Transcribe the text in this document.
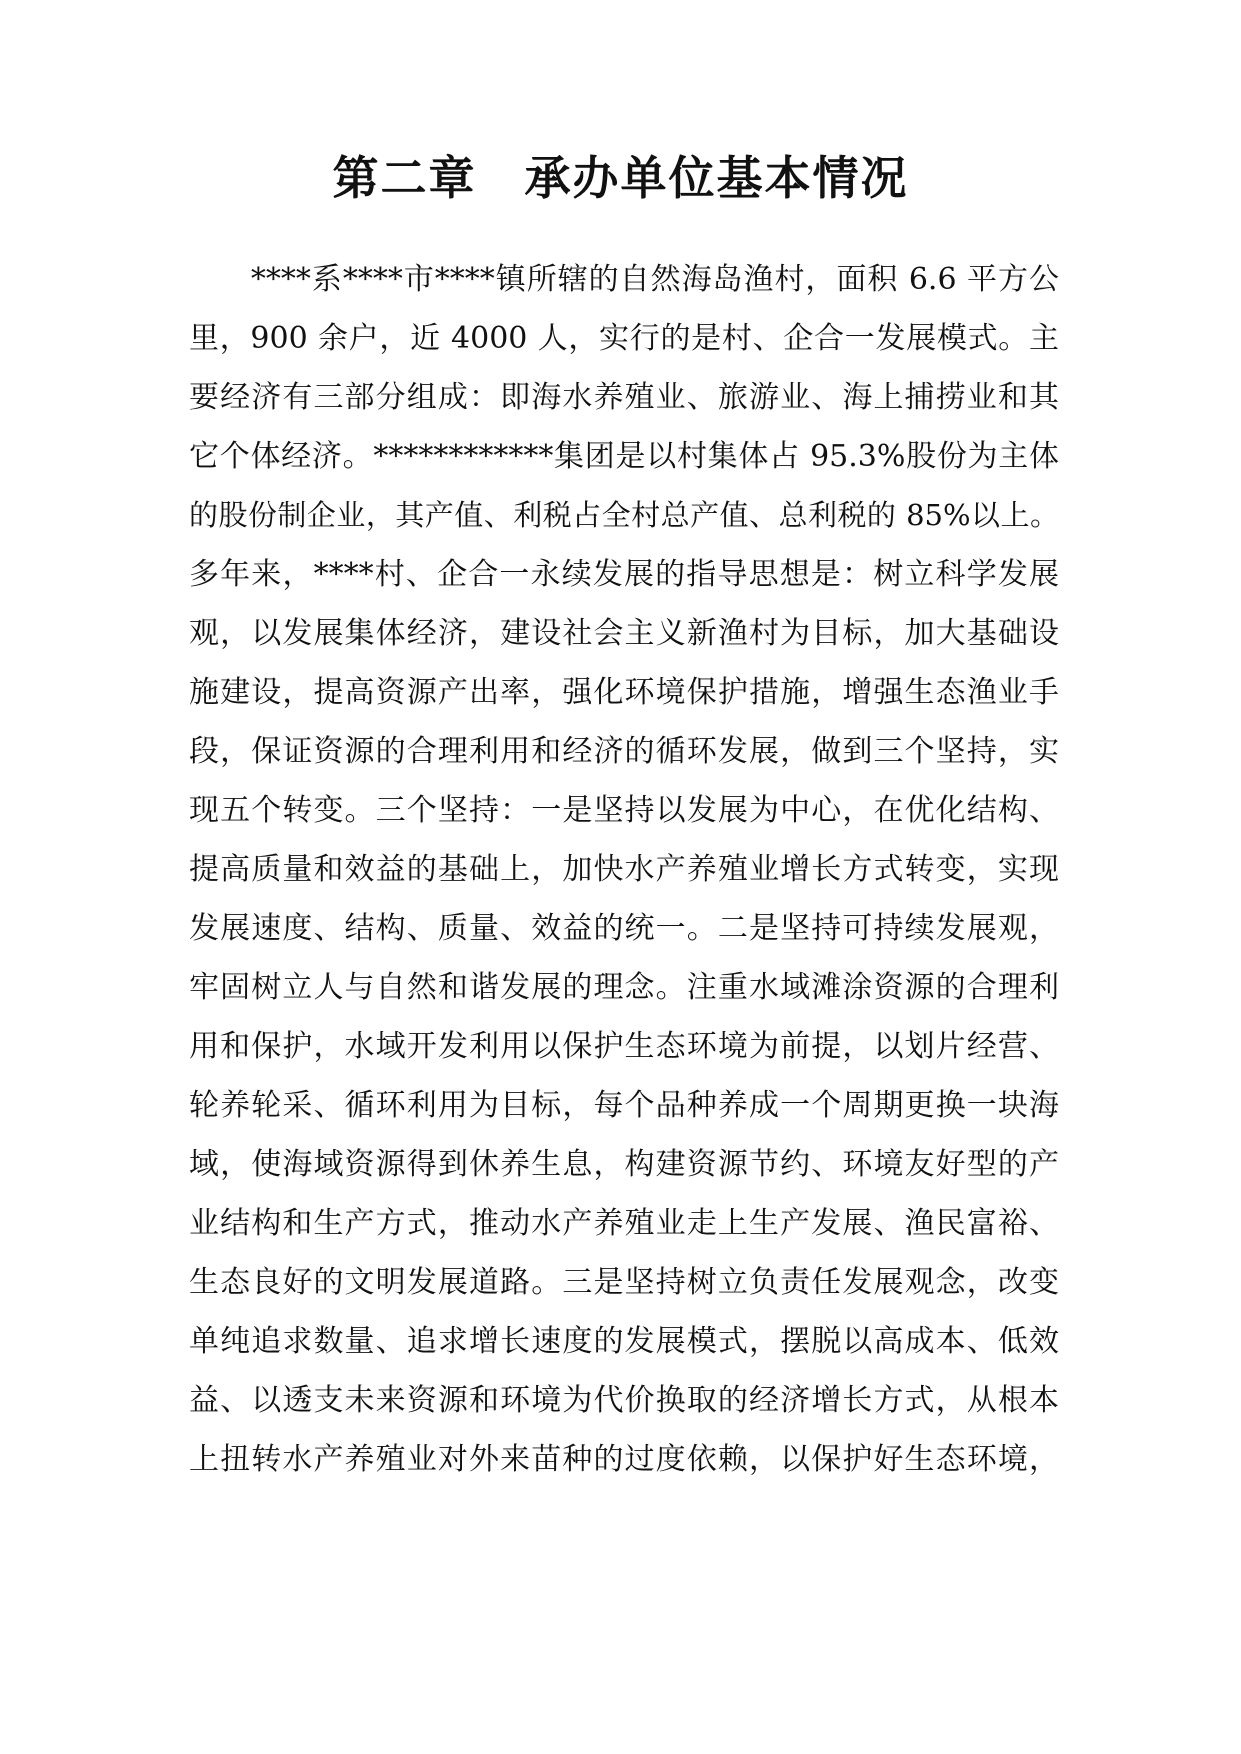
第二章　承办单位基本情况
　　****系****市****镇所辖的自然海岛渔村，面积 6.6 平方公
里，900 余户，近 4000 人，实行的是村、企合一发展模式。主
要经济有三部分组成：即海水养殖业、旅游业、海上捕捞业和其
它个体经济。************集团是以村集体占 95.3%股份为主体
的股份制企业，其产值、利税占全村总产值、总利税的 85%以上。
多年来，****村、企合一永续发展的指导思想是：树立科学发展
观，以发展集体经济，建设社会主义新渔村为目标，加大基础设
施建设，提高资源产出率，强化环境保护措施，增强生态渔业手
段，保证资源的合理利用和经济的循环发展，做到三个坚持，实
现五个转变。三个坚持：一是坚持以发展为中心，在优化结构、
提高质量和效益的基础上，加快水产养殖业增长方式转变，实现
发展速度、结构、质量、效益的统一。二是坚持可持续发展观，
牢固树立人与自然和谐发展的理念。注重水域滩涂资源的合理利
用和保护，水域开发利用以保护生态环境为前提，以划片经营、
轮养轮采、循环利用为目标，每个品种养成一个周期更换一块海
域，使海域资源得到休养生息，构建资源节约、环境友好型的产
业结构和生产方式，推动水产养殖业走上生产发展、渔民富裕、
生态良好的文明发展道路。三是坚持树立负责任发展观念，改变
单纯追求数量、追求增长速度的发展模式，摆脱以高成本、低效
益、以透支未来资源和环境为代价换取的经济增长方式，从根本
上扭转水产养殖业对外来苗种的过度依赖，以保护好生态环境，
